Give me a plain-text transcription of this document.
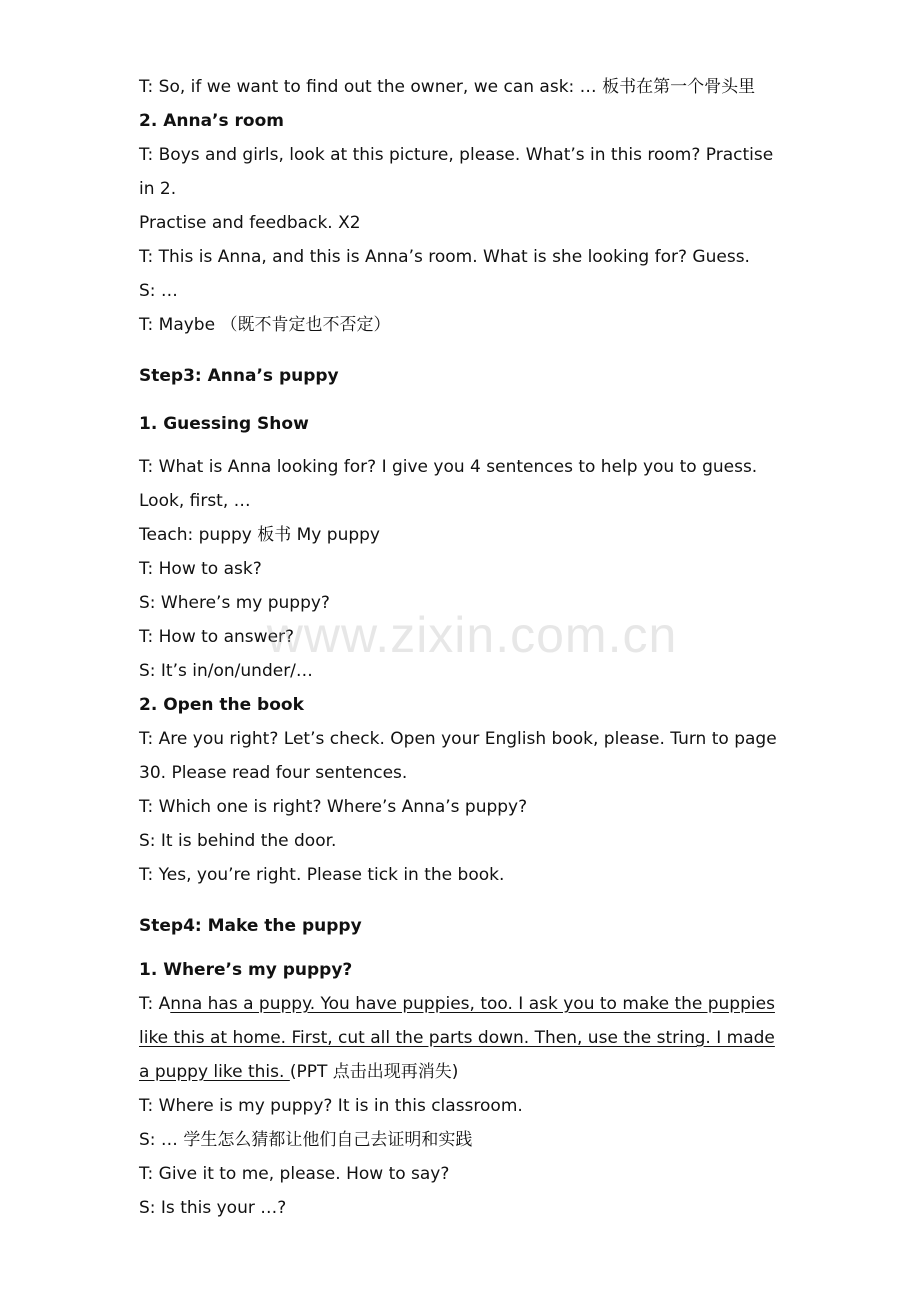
T: So, if we want to find out the owner, we can ask: … 板书在第一个骨头里
2. Anna’s room
T: Boys and girls, look at this picture, please. What’s in this room? Practise
in 2.
Practise and feedback. X2
T: This is Anna, and this is Anna’s room. What is she looking for? Guess.
S: …
T: Maybe （既不肯定也不否定）
Step3: Anna’s puppy
1. Guessing Show
T: What is Anna looking for? I give you 4 sentences to help you to guess.
Look, first, …
Teach: puppy 板书 My puppy
T: How to ask?
S: Where’s my puppy?
T: How to answer?
S: It’s in/on/under/…
2. Open the book
T: Are you right? Let’s check. Open your English book, please. Turn to page
30. Please read four sentences.
T: Which one is right? Where’s Anna’s puppy?
S: It is behind the door.
T: Yes, you’re right. Please tick in the book.
Step4: Make the puppy
1. Where’s my puppy?
T: Anna has a puppy. You have puppies, too. I ask you to make the puppies
like this at home. First, cut all the parts down. Then, use the string. I made
a puppy like this. (PPT 点击出现再消失)
T: Where is my puppy? It is in this classroom.
S: … 学生怎么猜都让他们自己去证明和实践
T: Give it to me, please. How to say?
S: Is this your …?
www.zixin.com.cn
